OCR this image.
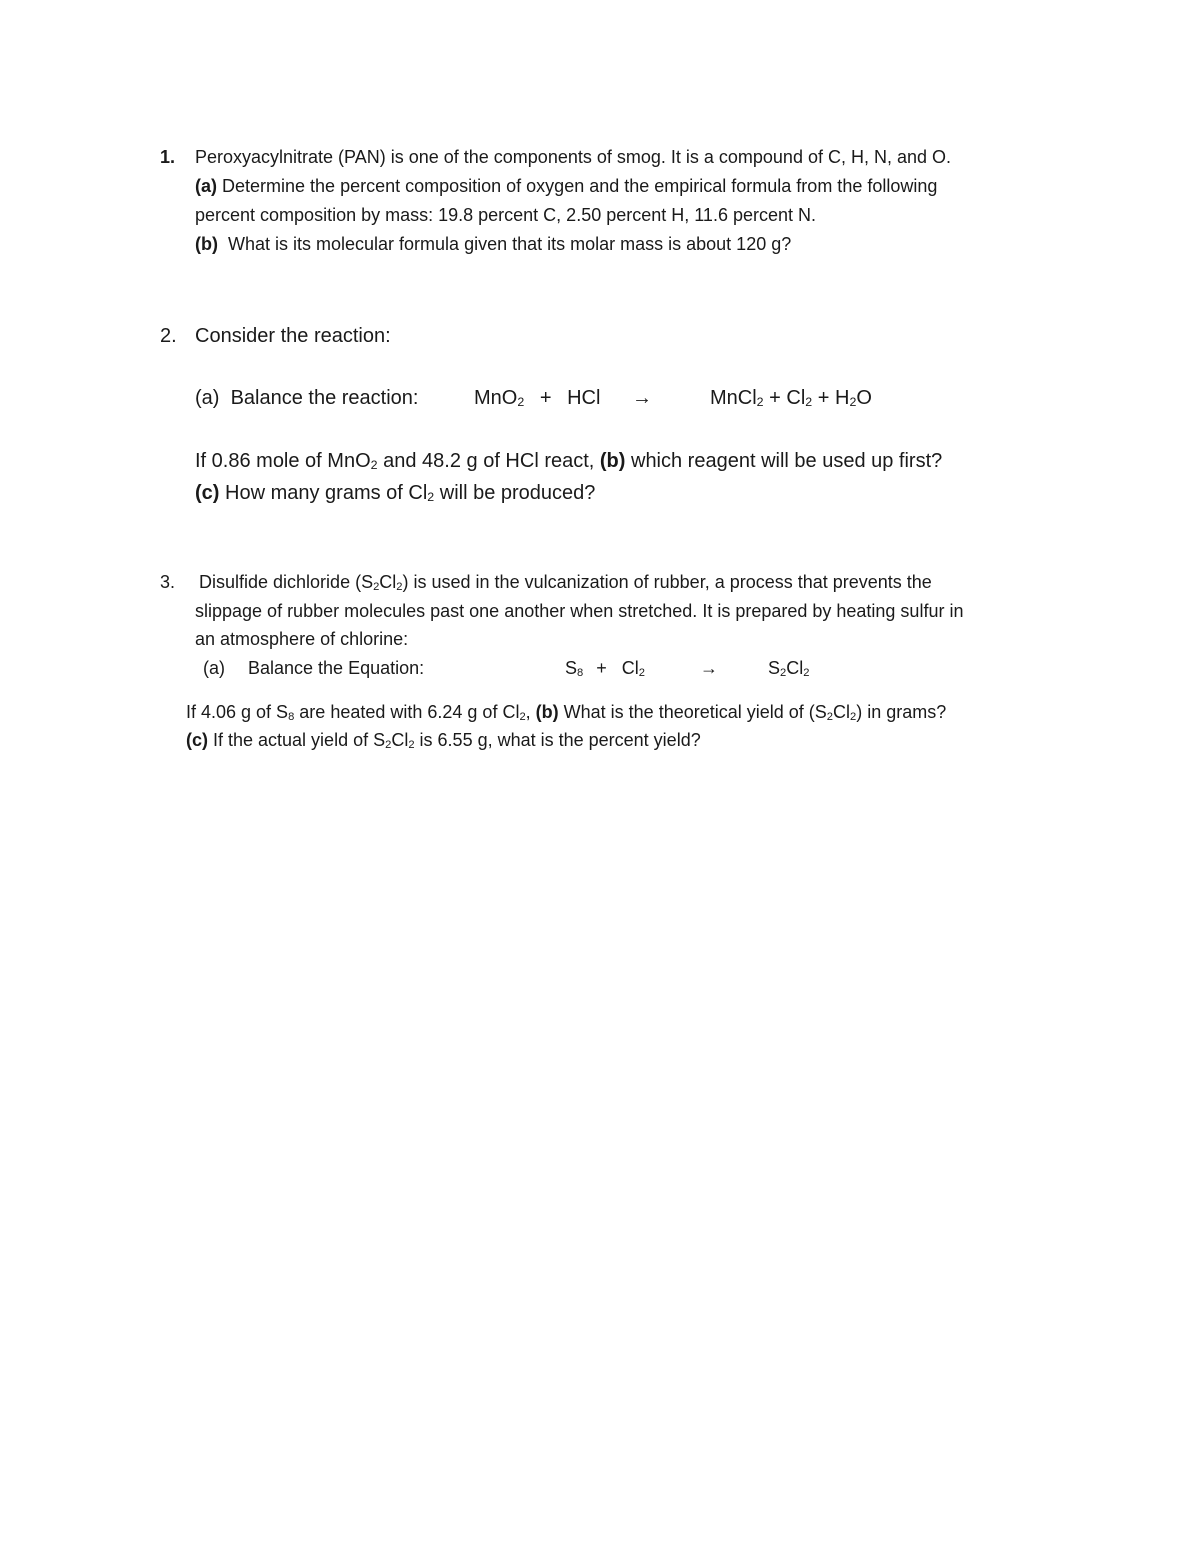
1. Peroxyacylnitrate (PAN) is one of the components of smog. It is a compound of C, H, N, and O.
(a) Determine the percent composition of oxygen and the empirical formula from the following
percent composition by mass: 19.8 percent C, 2.50 percent H, 11.6 percent N.
(b) What is its molecular formula given that its molar mass is about 120 g?
2. Consider the reaction:
(a) Balance the reaction:	MnO$_2$ + HCl →	MnCl$_2$ + $Cl_2 + H_2O$
If 0.86 mole of MnO$_2$ and 48.2 g of HCl react, (b) which reagent will be used up first?
(c) How many grams of $Cl_2$ will be produced?
3. Disulfide dichloride $(S_2Cl_2)$ is used in the vulcanization of rubber, a process that prevents the
slippage of rubber molecules past one another when stretched. It is prepared by heating sulfur in
an atmosphere of chlorine:
(a) Balance the Equation:	$S_8 + Cl_2$	→	$S_2Cl_2$
If 4.06 g of $S_8$ are heated with 6.24 g of $Cl_2$, (b) What is the theoretical yield of $(S_2Cl_2)$ in grams?
(c) If the actual yield of $S_2Cl_2$ is 6.55 g, what is the percent yield?
